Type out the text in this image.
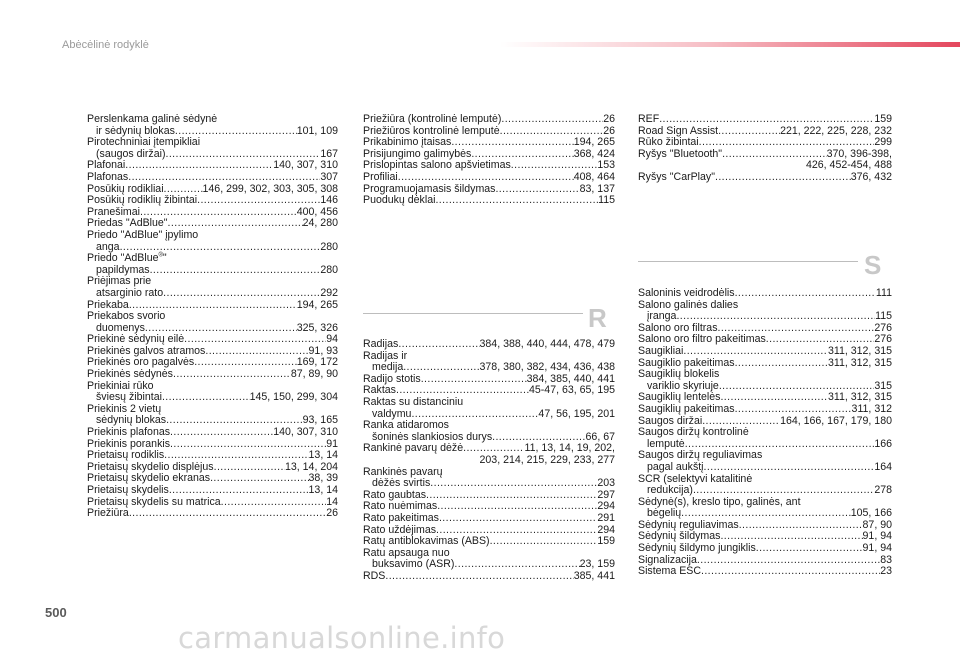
Abėcėlinė rodyklė
Perslenkama galinė sėdynė
ir sėdynių blokas .....	101, 109
Pirotechniniai įtempikliai
(saugos diržai) .....	167
Plafonai .....	140, 307, 310
Plafonas .....	307
Posūkių rodikliai .....	146, 299, 302, 303, 305, 308
Posūkių rodiklių žibintai .....	146
Pranešimai .....	400, 456
Priedas "AdBlue" .....	24, 280
Priedo "AdBlue" įpylimo
anga .....	280
Priedo "AdBlue®"
papildymas .....	280
Priėjimas prie
atsarginio rato .....	292
Priekaba .....	194, 265
Priekabos svorio
duomenys .....	325, 326
Priekinė sėdynių eilė .....	94
Priekinės galvos atramos .....	91, 93
Priekinės oro pagalvės .....	169, 172
Priekinės sėdynės .....	87, 89, 90
Priekiniai rūko
šviesų žibintai .....	145, 150, 299, 304
Priekinis 2 vietų
sėdynių blokas .....	93, 165
Priekinis plafonas .....	140, 307, 310
Priekinis porankis .....	91
Prietaisų rodiklis .....	13, 14
Prietaisų skydelio displėjus .....	13, 14, 204
Prietaisų skydelio ekranas .....	38, 39
Prietaisų skydelis .....	13, 14
Prietaisų skydelis su matrica .....	14
Priežiūra .....	26
Priežiūra (kontrolinė lemputė) .....	26
Priežiūros kontrolinė lemputė .....	26
Prikabinimo įtaisas .....	194, 265
Prisijungimo galimybės .....	368, 424
Prislopintas salono apšvietimas .....	153
Profiliai .....	408, 464
Programuojamasis šildymas .....	83, 137
Puodukų dėklai .....	115
R
Radijas .....	384, 388, 440, 444, 478, 479
Radijas ir
medija .....	378, 380, 382, 434, 436, 438
Radijo stotis .....	384, 385, 440, 441
Raktas .....	45-47, 63, 65, 195
Raktas su distanciniu
valdymu .....	47, 56, 195, 201
Ranka atidaromos
šoninės slankiosios durys .....	66, 67
Rankinė pavarų dėžė .....	11, 13, 14, 19, 202,
203, 214, 215, 229, 233, 277
Rankinės pavarų
dėžės svirtis .....	203
Rato gaubtas .....	297
Rato nuėmimas .....	294
Rato pakeitimas .....	291
Rato uždėjimas .....	294
Ratų antiblokavimas (ABS) .....	159
Ratu apsauga nuo
buksavimo (ASR) .....	23, 159
RDS .....	385, 441
REF .....	159
Road Sign Assist .....	221, 222, 225, 228, 232
Rūko žibintai .....	299
Ryšys "Bluetooth" .....	370, 396-398,
426, 452-454, 488
Ryšys "CarPlay" .....	376, 432
S
Saloninis veidrodėlis .....	111
Salono galinės dalies
įranga .....	115
Salono oro filtras .....	276
Salono oro filtro pakeitimas .....	276
Saugikliai .....	311, 312, 315
Saugiklio pakeitimas .....	311, 312, 315
Saugiklių blokelis
variklio skyriuje .....	315
Saugiklių lentelės .....	311, 312, 315
Saugiklių pakeitimas .....	311, 312
Saugos diržai .....	164, 166, 167, 179, 180
Saugos diržų kontrolinė
lemputė .....	166
Saugos diržų reguliavimas
pagal aukštį .....	164
SCR (selektyvi katalitinė
redukcija) .....	278
Sėdynė(s), kreslo tipo, galinės, ant
bėgelių .....	105, 166
Sėdynių reguliavimas .....	87, 90
Sėdynių šildymas .....	91, 94
Sėdynių šildymo jungiklis .....	91, 94
Signalizacija .....	83
Sistema ESC .....	23
500
carmanualsonline.info
